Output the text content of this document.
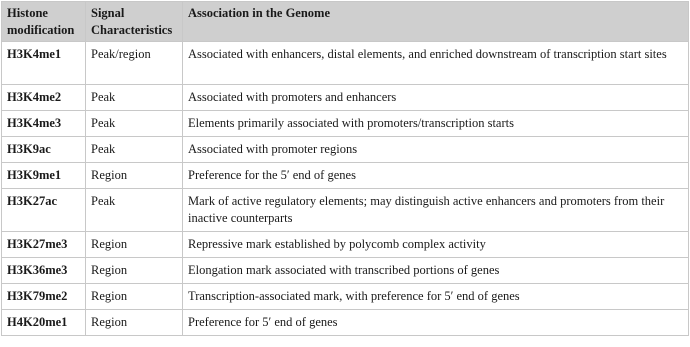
Histone modification	Signal Characteristics	Association in the Genome
H3K4me1	Peak/region	Associated with enhancers, distal elements, and enriched downstream of transcription start sites
H3K4me2	Peak	Associated with promoters and enhancers
H3K4me3	Peak	Elements primarily associated with promoters/transcription starts
H3K9ac	Peak	Associated with promoter regions
H3K9me1	Region	Preference for the 5′ end of genes
H3K27ac	Peak	Mark of active regulatory elements; may distinguish active enhancers and promoters from their inactive counterparts
H3K27me3	Region	Repressive mark established by polycomb complex activity
H3K36me3	Region	Elongation mark associated with transcribed portions of genes
H3K79me2	Region	Transcription-associated mark, with preference for 5′ end of genes
H4K20me1	Region	Preference for 5′ end of genes
